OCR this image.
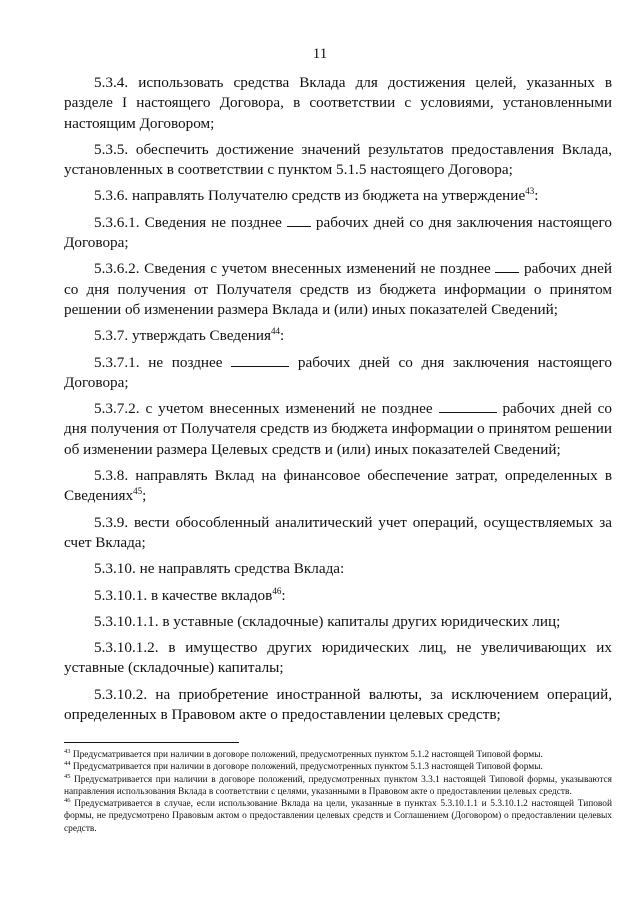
11

5.3.4. использовать средства Вклада для достижения целей, указанных в разделе I настоящего Договора, в соответствии с условиями, установленными настоящим Договором;

5.3.5. обеспечить достижение значений результатов предоставления Вклада, установленных в соответствии с пунктом 5.1.5 настоящего Договора;

5.3.6. направлять Получателю средств из бюджета на утверждение$^{43}$:

5.3.6.1. Сведения не позднее  рабочих дней со дня заключения настоящего Договора;

5.3.6.2. Сведения с учетом внесенных изменений не позднее  рабочих дней со дня получения от Получателя средств из бюджета информации о принятом решении об изменении размера Вклада и (или) иных показателей Сведений;

5.3.7. утверждать Сведения$^{44}$:

5.3.7.1. не позднее	рабочих дней со дня заключения настоящего Договора;

5.3.7.2. с учетом внесенных изменений не позднее	рабочих дней со дня получения от Получателя средств из бюджета информации о принятом решении об изменении размера Целевых средств и (или) иных показателей Сведений;

5.3.8. направлять Вклад на финансовое обеспечение затрат, определенных в Сведениях$^{45}$;

5.3.9. вести обособленный аналитический учет операций, осуществляемых за счет Вклада;

5.3.10. не направлять средства Вклада:

5.3.10.1. в качестве вкладов$^{46}$:

5.3.10.1.1. в уставные (складочные) капиталы других юридических лиц;

5.3.10.1.2. в имущество других юридических лиц, не увеличивающих их уставные (складочные) капиталы;

5.3.10.2. на приобретение иностранной валюты, за исключением операций, определенных в Правовом акте о предоставлении целевых средств;

$^{43}$ Предусматривается при наличии в договоре положений, предусмотренных пунктом 5.1.2 настоящей Типовой формы.

$^{44}$ Предусматривается при наличии в договоре положений, предусмотренных пунктом 5.1.3 настоящей Типовой формы.

$^{45}$ Предусматривается при наличии в договоре положений, предусмотренных пунктом 3.3.1 настоящей Типовой формы, указываются направления использования Вклада в соответствии с целями, указанными в Правовом акте о предоставлении целевых средств.

$^{46}$ Предусматривается в случае, если использование Вклада на цели, указанные в пунктах 5.3.10.1.1 и 5.3.10.1.2 настоящей Типовой формы, не предусмотрено Правовым актом о предоставлении целевых средств и Соглашением (Договором) о предоставлении целевых средств.
